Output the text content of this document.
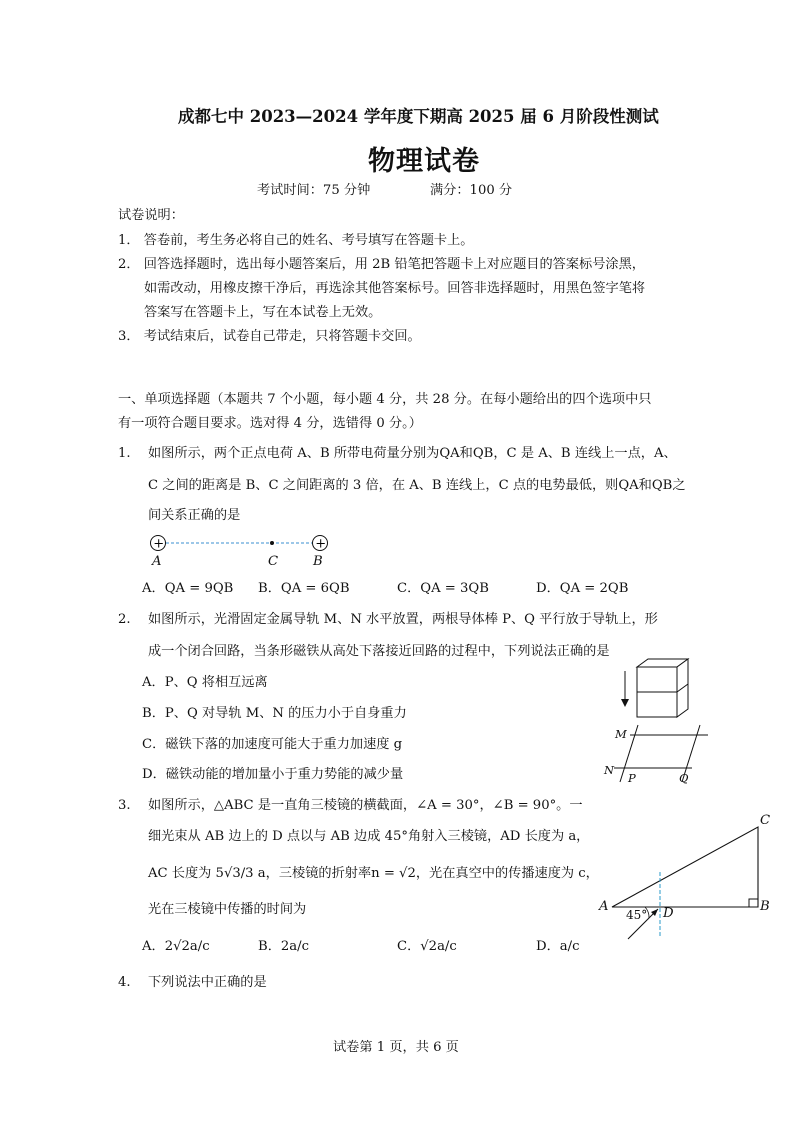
成都七中 2023—2024 学年度下期高 2025 届 6 月阶段性测试
物理试卷
考试时间：75 分钟	满分：100 分
试卷说明：
1． 答卷前，考生务必将自己的姓名、考号填写在答题卡上。
2． 回答选择题时，选出每小题答案后，用 2B 铅笔把答题卡上对应题目的答案标号涂黑，
如需改动，用橡皮擦干净后，再选涂其他答案标号。回答非选择题时，用黑色签字笔将
答案写在答题卡上，写在本试卷上无效。
3． 考试结束后，试卷自己带走，只将答题卡交回。
一、单项选择题（本题共 7 个小题，每小题 4 分，共 28 分。在每小题给出的四个选项中只
有一项符合题目要求。选对得 4 分，选错得 0 分。）
1. 如图所示，两个正点电荷 A、B 所带电荷量分别为QA和QB，C 是 A、B 连线上一点，A、
C 之间的距离是 B、C 之间距离的 3 倍，在 A、B 连线上，C 点的电势最低，则QA和QB之
间关系正确的是
+	+
A	C	B
A．QA = 9QB B．QA = 6QB	C．QA = 3QB	D．QA = 2QB
2. 如图所示，光滑固定金属导轨 M、N 水平放置，两根导体棒 P、Q 平行放于导轨上，形
成一个闭合回路，当条形磁铁从高处下落接近回路的过程中，下列说法正确的是
A．P、Q 将相互远离
B．P、Q 对导轨 M、N 的压力小于自身重力
C．磁铁下落的加速度可能大于重力加速度 g
D．磁铁动能的增加量小于重力势能的减少量
M
N
P	Q
3. 如图所示，△ABC 是一直角三棱镜的横截面，∠A = 30°，∠B = 90°。一
细光束从 AB 边上的 D 点以与 AB 边成 45°角射入三棱镜，AD 长度为 a，
AC 长度为 5√3/3 a，三棱镜的折射率n = √2，光在真空中的传播速度为 c，
光在三棱镜中传播的时间为	A	B
C
D
45°
A．2√2a/c	B．2a/c	C．√2a/c	D．a/c
4. 下列说法中正确的是
试卷第 1 页，共 6 页
